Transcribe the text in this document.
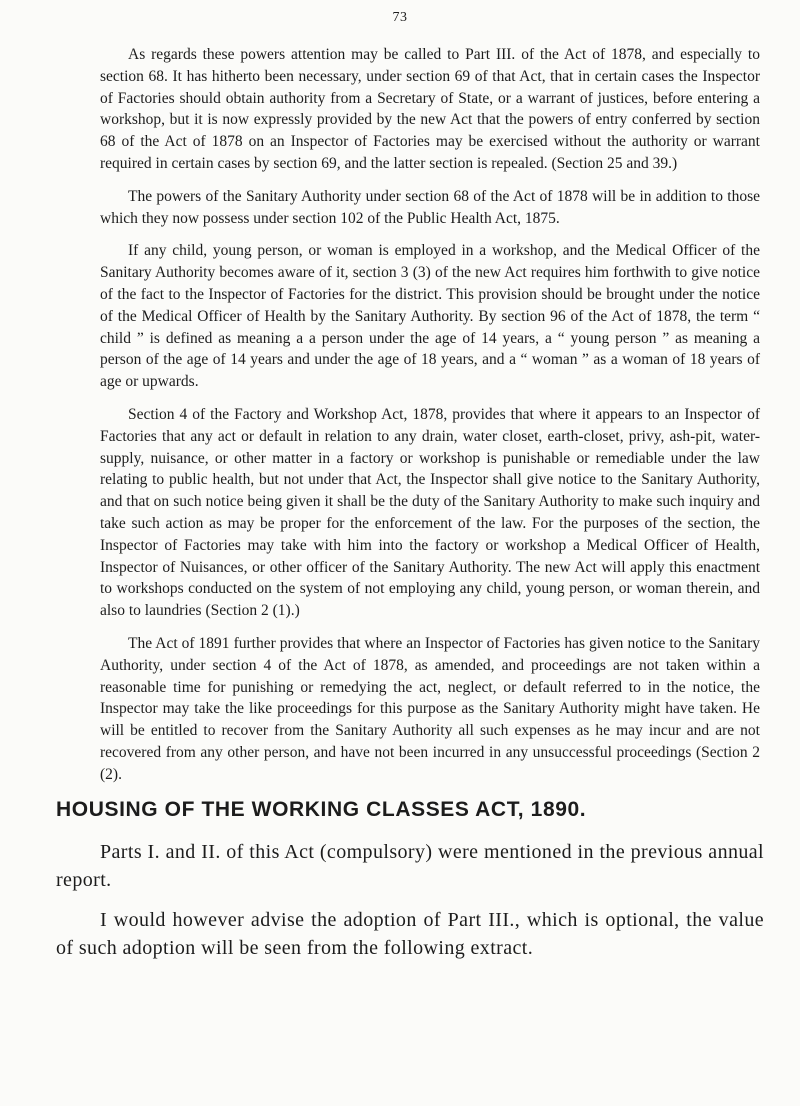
73

As regards these powers attention may be called to Part III. of the Act of 1878, and especially to section 68. It has hitherto been necessary, under section 69 of that Act, that in certain cases the Inspector of Factories should obtain authority from a Secretary of State, or a warrant of justices, before entering a workshop, but it is now expressly provided by the new Act that the powers of entry conferred by section 68 of the Act of 1878 on an Inspector of Factories may be exercised without the authority or warrant required in certain cases by section 69, and the latter section is repealed. (Section 25 and 39.)

The powers of the Sanitary Authority under section 68 of the Act of 1878 will be in addition to those which they now possess under section 102 of the Public Health Act, 1875.

If any child, young person, or woman is employed in a workshop, and the Medical Officer of the Sanitary Authority becomes aware of it, section 3 (3) of the new Act requires him forthwith to give notice of the fact to the Inspector of Factories for the district. This provision should be brought under the notice of the Medical Officer of Health by the Sanitary Authority. By section 96 of the Act of 1878, the term “ child ” is defined as meaning a a person under the age of 14 years, a “ young person ” as meaning a person of the age of 14 years and under the age of 18 years, and a “ woman ” as a woman of 18 years of age or upwards.

Section 4 of the Factory and Workshop Act, 1878, provides that where it appears to an Inspector of Factories that any act or default in relation to any drain, water closet, earth-closet, privy, ash-pit, water-supply, nuisance, or other matter in a factory or workshop is punishable or remediable under the law relating to public health, but not under that Act, the Inspector shall give notice to the Sanitary Authority, and that on such notice being given it shall be the duty of the Sanitary Authority to make such inquiry and take such action as may be proper for the enforcement of the law. For the purposes of the section, the Inspector of Factories may take with him into the factory or workshop a Medical Officer of Health, Inspector of Nuisances, or other officer of the Sanitary Authority. The new Act will apply this enactment to workshops conducted on the system of not employing any child, young person, or woman therein, and also to laundries (Section 2 (1).)

The Act of 1891 further provides that where an Inspector of Factories has given notice to the Sanitary Authority, under section 4 of the Act of 1878, as amended, and proceedings are not taken within a reasonable time for punishing or remedying the act, neglect, or default referred to in the notice, the Inspector may take the like proceedings for this purpose as the Sanitary Authority might have taken. He will be entitled to recover from the Sanitary Authority all such expenses as he may incur and are not recovered from any other person, and have not been incurred in any unsuccessful proceedings (Section 2 (2).

HOUSING OF THE WORKING CLASSES ACT, 1890.

Parts I. and II. of this Act (compulsory) were mentioned in the previous annual report.

I would however advise the adoption of Part III., which is optional, the value of such adoption will be seen from the following extract.
